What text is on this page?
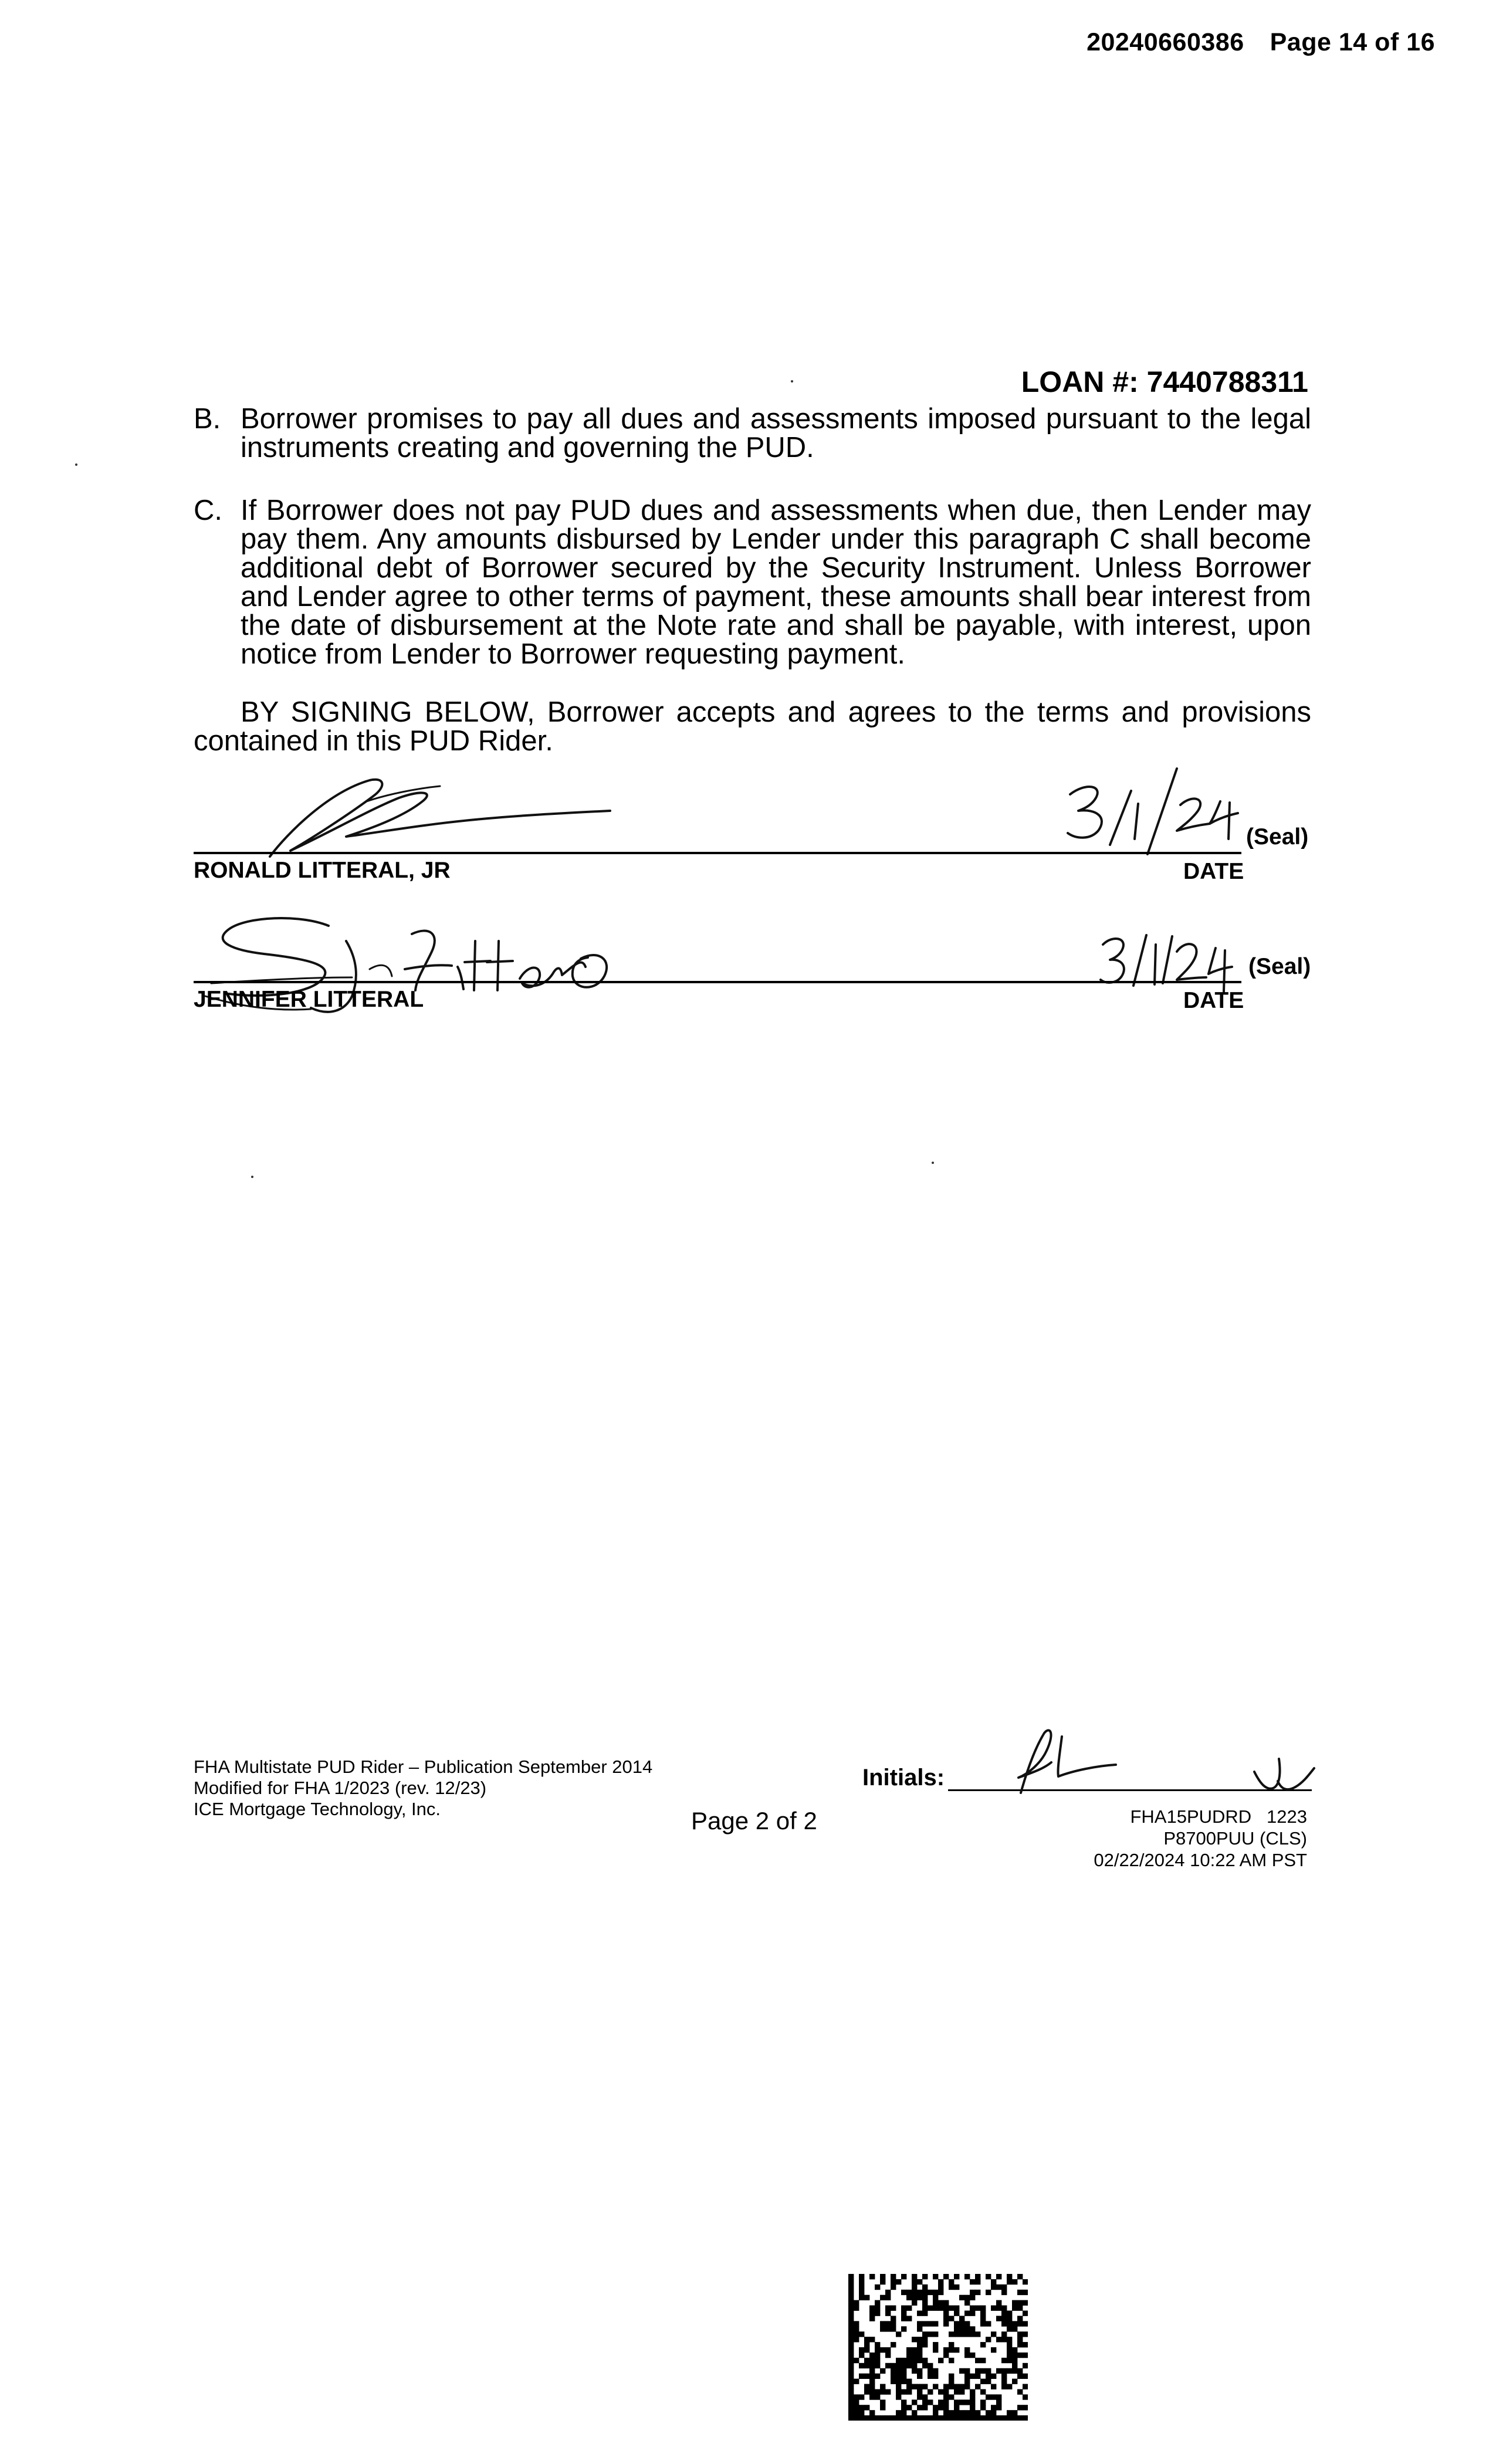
20240660386 Page 14 of 16
LOAN #: 7440788311
B. Borrower promises to pay all dues and assessments imposed pursuant to the legal instruments creating and governing the PUD.
C. If Borrower does not pay PUD dues and assessments when due, then Lender may pay them. Any amounts disbursed by Lender under this paragraph C shall become additional debt of Borrower secured by the Security Instrument. Unless Borrower and Lender agree to other terms of payment, these amounts shall bear interest from the date of disbursement at the Note rate and shall be payable, with interest, upon notice from Lender to Borrower requesting payment.
BY SIGNING BELOW, Borrower accepts and agrees to the terms and provisions contained in this PUD Rider.
(Seal)
RONALD LITTERAL, JR	DATE
(Seal)
JENNIFER LITTERAL	DATE
FHA Multistate PUD Rider – Publication September 2014
Modified for FHA 1/2023 (rev. 12/23)
ICE Mortgage Technology, Inc.	Page 2 of 2
Initials:
FHA15PUDRD   1223
P8700PUU (CLS)
02/22/2024 10:22 AM PST
